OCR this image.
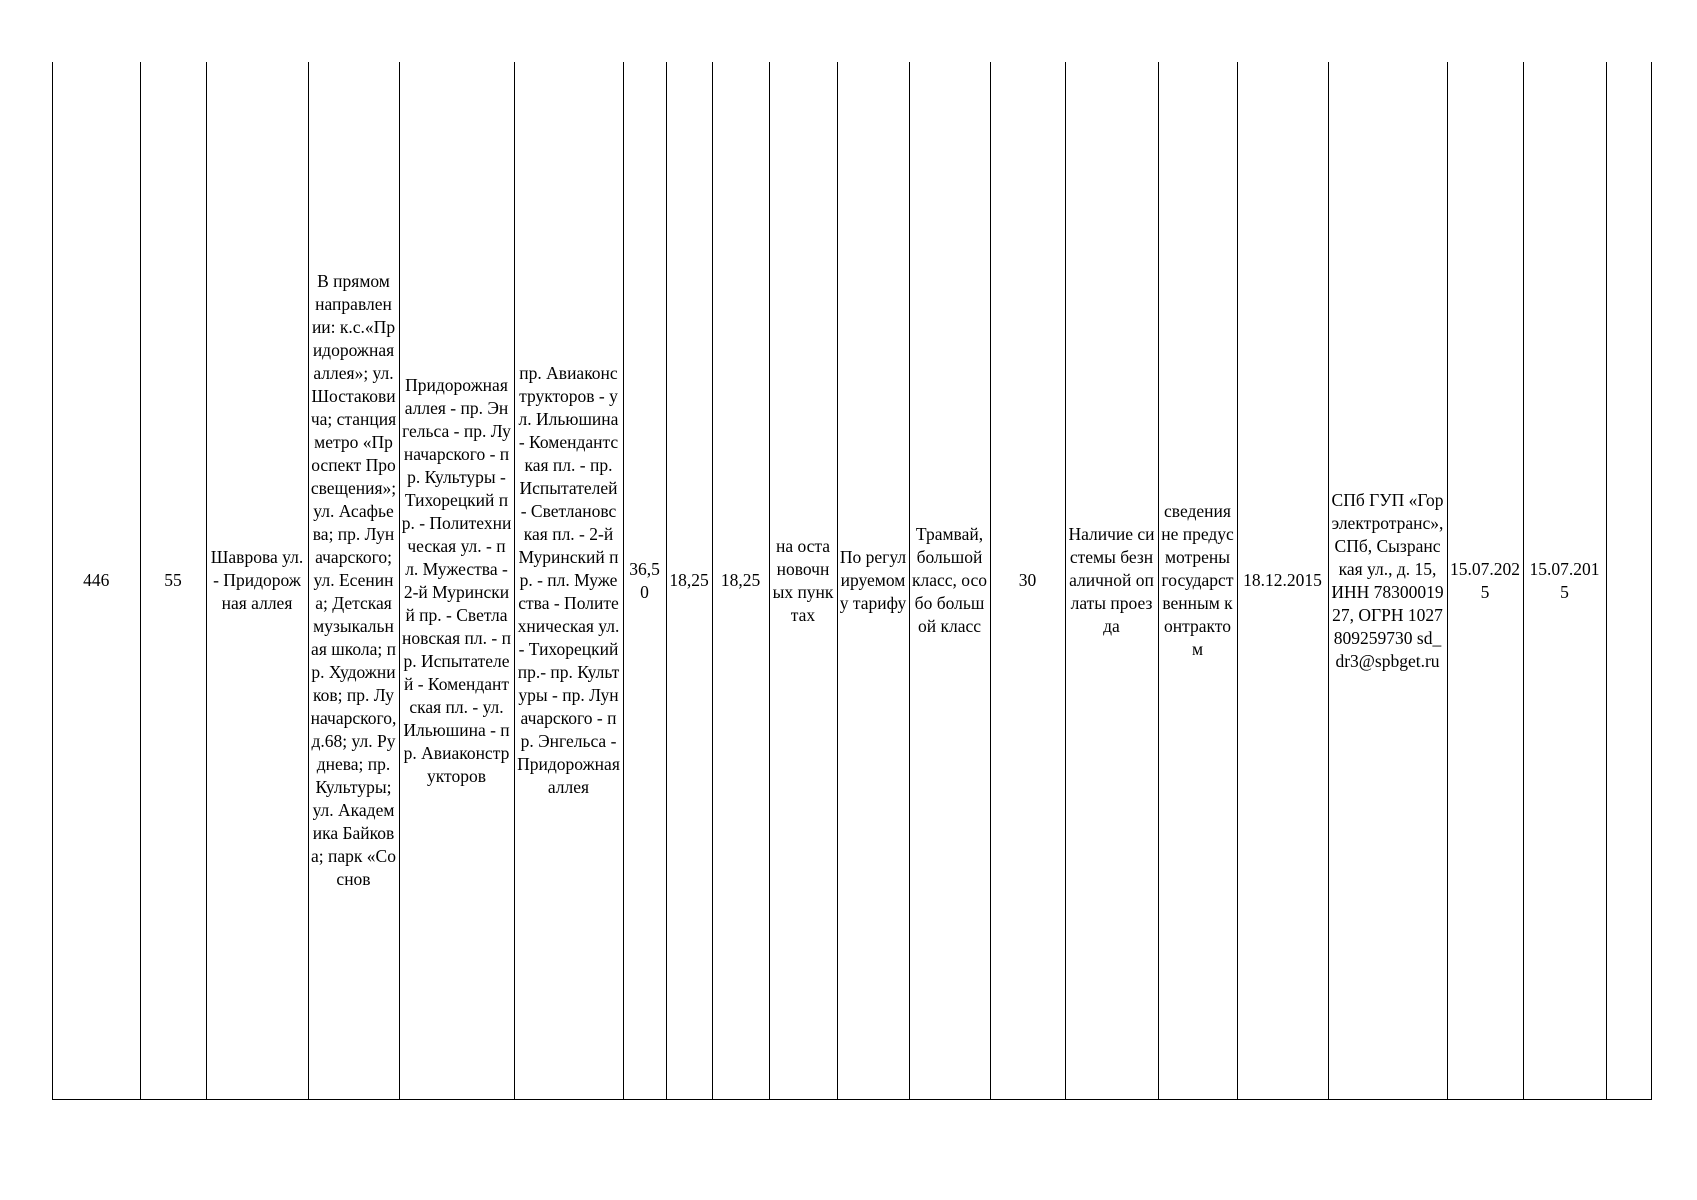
446	55	Шаврова ул. - Придорожная аллея	В прямом направлении: к.с.«Придорожная аллея»; ул. Шостаковича; станция метро «Проспект Просвещения»; ул. Асафьева; пр. Луначарского; ул. Есенина; Детская музыкальная школа; пр. Художников; пр. Луначарского, д.68; ул. Руднева; пр. Культуры; ул. Академика Байкова; парк «Соснов	Придорожная аллея - пр. Энгельса - пр. Луначарского - пр. Культуры - Тихорецкий пр. - Политехническая ул. - пл. Мужества - 2-й Муринский пр. - Светлановская пл. - пр. Испытателей - Комендантская пл. - ул. Ильюшина - пр. Авиаконструкторов	пр. Авиаконструкторов - ул. Ильюшина - Комендантская пл. - пр. Испытателей - Светлановская пл. - 2-й Муринский пр. - пл. Мужества - Политехническая ул. - Тихорецкий пр.- пр. Культуры - пр. Луначарского - пр. Энгельса - Придорожная аллея	36,50	18,25	18,25	на остановочных пунктах	По регулируемому тарифу	Трамвай, большой класс, особо большой класс	30	Наличие системы безналичной оплаты проезда	сведения не предусмотрены государственным контрактом	18.12.2015	СПб ГУП «Горэлектротранс», СПб, Сызранская ул., д. 15, ИНН 7830001927, ОГРН 1027809259730 sd_dr3@spbget.ru	15.07.2025	15.07.2015	
